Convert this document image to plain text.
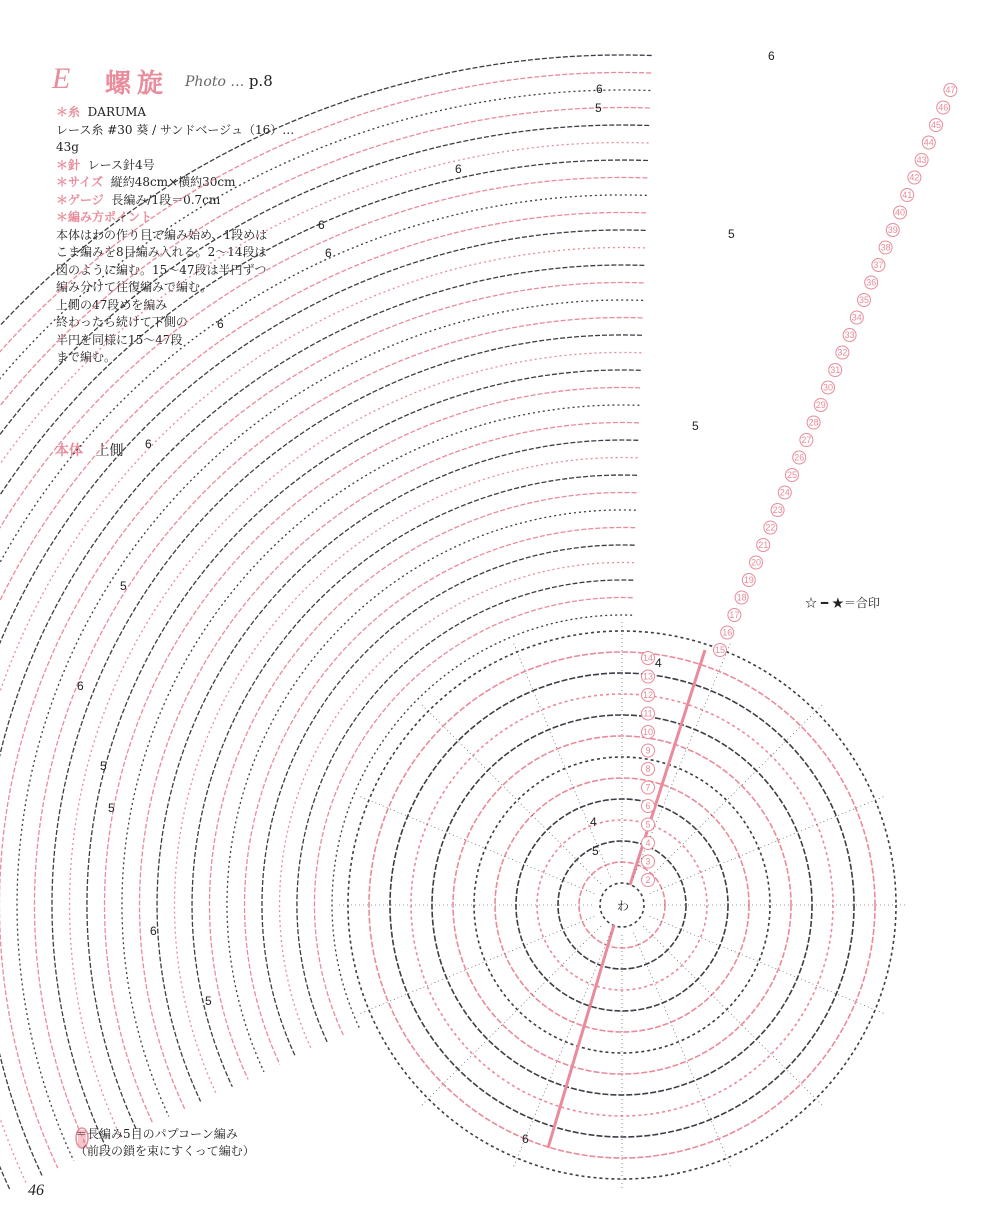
E 螺旋 Photo … p.8
＊糸 DARUMA
レース糸 #30 葵 / サンドベージュ（16）…43g
＊針 レース針4号
＊サイズ 縦約48cm×横約30cm
＊ゲージ 長編み/1段＝0.7cm
＊編み方ポイント
本体はわの作り目で編み始め、1段めは
こま編みを8目編み入れる。2〜14段は
図のように編む。15〜47段は半円ずつ
編み分けて往復編みで編む。
上側の47段めを編み
終わったら続けて下側の
半円を同様に15〜47段
まで編む。
本体 上側
☆ ━ ★＝合印
2
3
4
5
6
7
8
9
10
11
12
13
14
15
16
17
18
19
20
21
22
23
24
25
26
27
28
29
30
31
32
33
34
35
36
37
38
39
40
41
42
43
44
45
46
47
4
5
4
5
5
5
5
6
6
6
6
6
6
5
5
5
6
6
6
6
わ
＝長編み5目のパプコーン編み
（前段の鎖を束にすくって編む）
46
